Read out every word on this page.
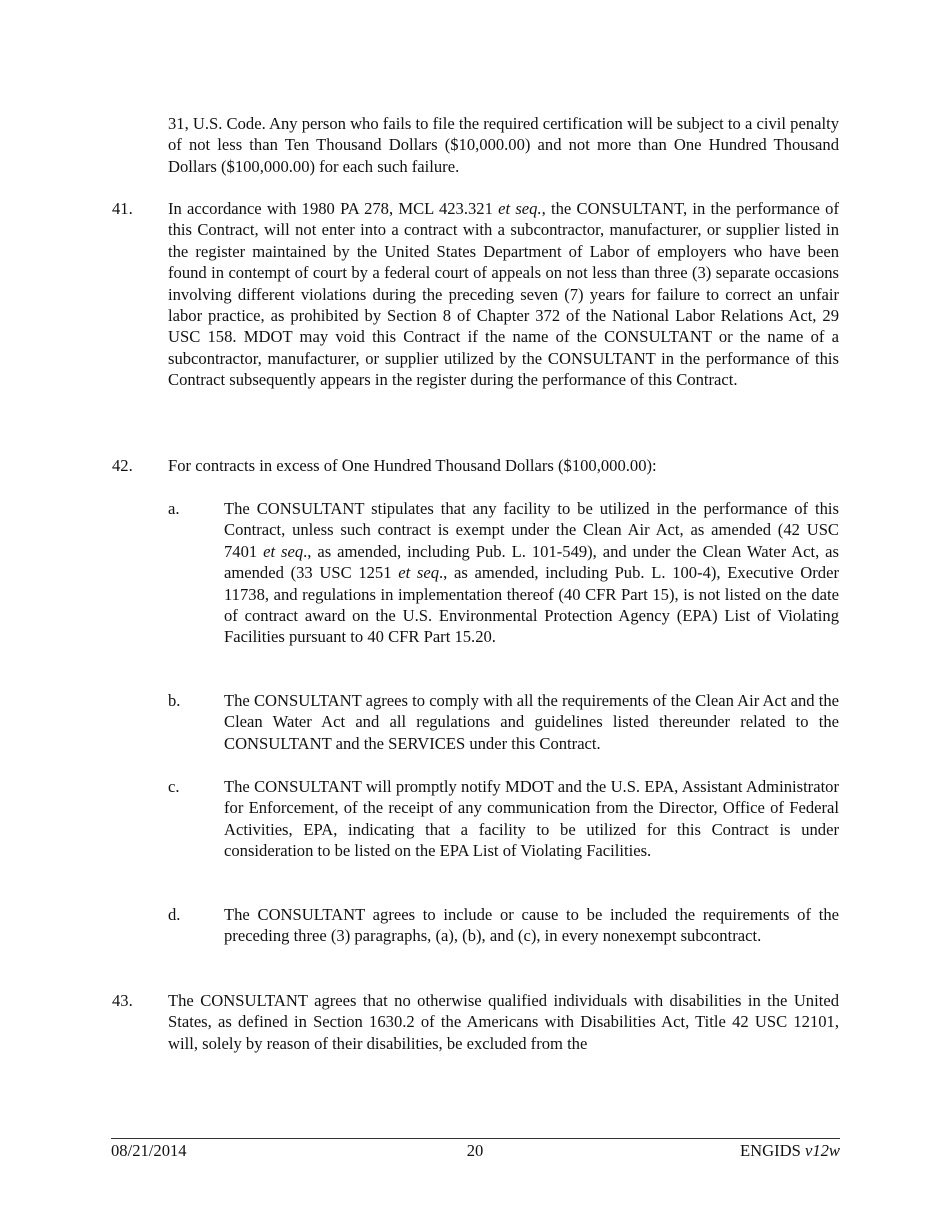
31, U.S. Code. Any person who fails to file the required certification will be subject to a civil penalty of not less than Ten Thousand Dollars ($10,000.00) and not more than One Hundred Thousand Dollars ($100,000.00) for each such failure.
41. In accordance with 1980 PA 278, MCL 423.321 et seq., the CONSULTANT, in the performance of this Contract, will not enter into a contract with a subcontractor, manufacturer, or supplier listed in the register maintained by the United States Department of Labor of employers who have been found in contempt of court by a federal court of appeals on not less than three (3) separate occasions involving different violations during the preceding seven (7) years for failure to correct an unfair labor practice, as prohibited by Section 8 of Chapter 372 of the National Labor Relations Act, 29 USC 158. MDOT may void this Contract if the name of the CONSULTANT or the name of a subcontractor, manufacturer, or supplier utilized by the CONSULTANT in the performance of this Contract subsequently appears in the register during the performance of this Contract.
42. For contracts in excess of One Hundred Thousand Dollars ($100,000.00):
a.	The CONSULTANT stipulates that any facility to be utilized in the performance of this Contract, unless such contract is exempt under the Clean Air Act, as amended (42 USC 7401 et seq., as amended, including Pub. L. 101-549), and under the Clean Water Act, as amended (33 USC 1251 et seq., as amended, including Pub. L. 100-4), Executive Order 11738, and regulations in implementation thereof (40 CFR Part 15), is not listed on the date of contract award on the U.S. Environmental Protection Agency (EPA) List of Violating Facilities pursuant to 40 CFR Part 15.20.
b.	The CONSULTANT agrees to comply with all the requirements of the Clean Air Act and the Clean Water Act and all regulations and guidelines listed thereunder related to the CONSULTANT and the SERVICES under this Contract.
c.	The CONSULTANT will promptly notify MDOT and the U.S. EPA, Assistant Administrator for Enforcement, of the receipt of any communication from the Director, Office of Federal Activities, EPA, indicating that a facility to be utilized for this Contract is under consideration to be listed on the EPA List of Violating Facilities.
d.	The CONSULTANT agrees to include or cause to be included the requirements of the preceding three (3) paragraphs, (a), (b), and (c), in every nonexempt subcontract.
43. The CONSULTANT agrees that no otherwise qualified individuals with disabilities in the United States, as defined in Section 1630.2 of the Americans with Disabilities Act, Title 42 USC 12101, will, solely by reason of their disabilities, be excluded from the
08/21/2014	20	ENGIDS v12w
